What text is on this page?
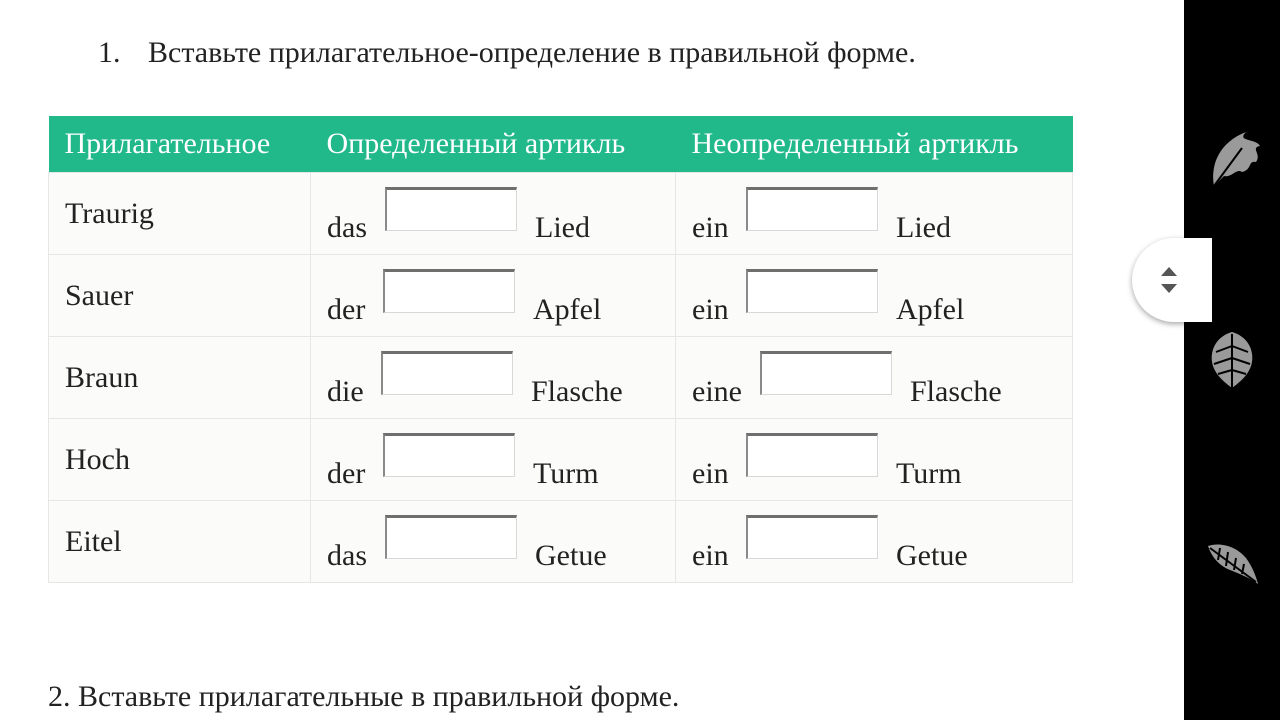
1. Вставьте прилагательное-определение в правильной форме.
Прилагательное	Определенный артикль	Неопределенный артикль

Traurig	das Lied	ein Lied

Sauer	der Apfel	ein Apfel

Braun	die Flasche	eine Flasche

Hoch	der Turm	ein Turm

Eitel	das Getue	ein Getue
2. Вставьте прилагательные в правильной форме.
